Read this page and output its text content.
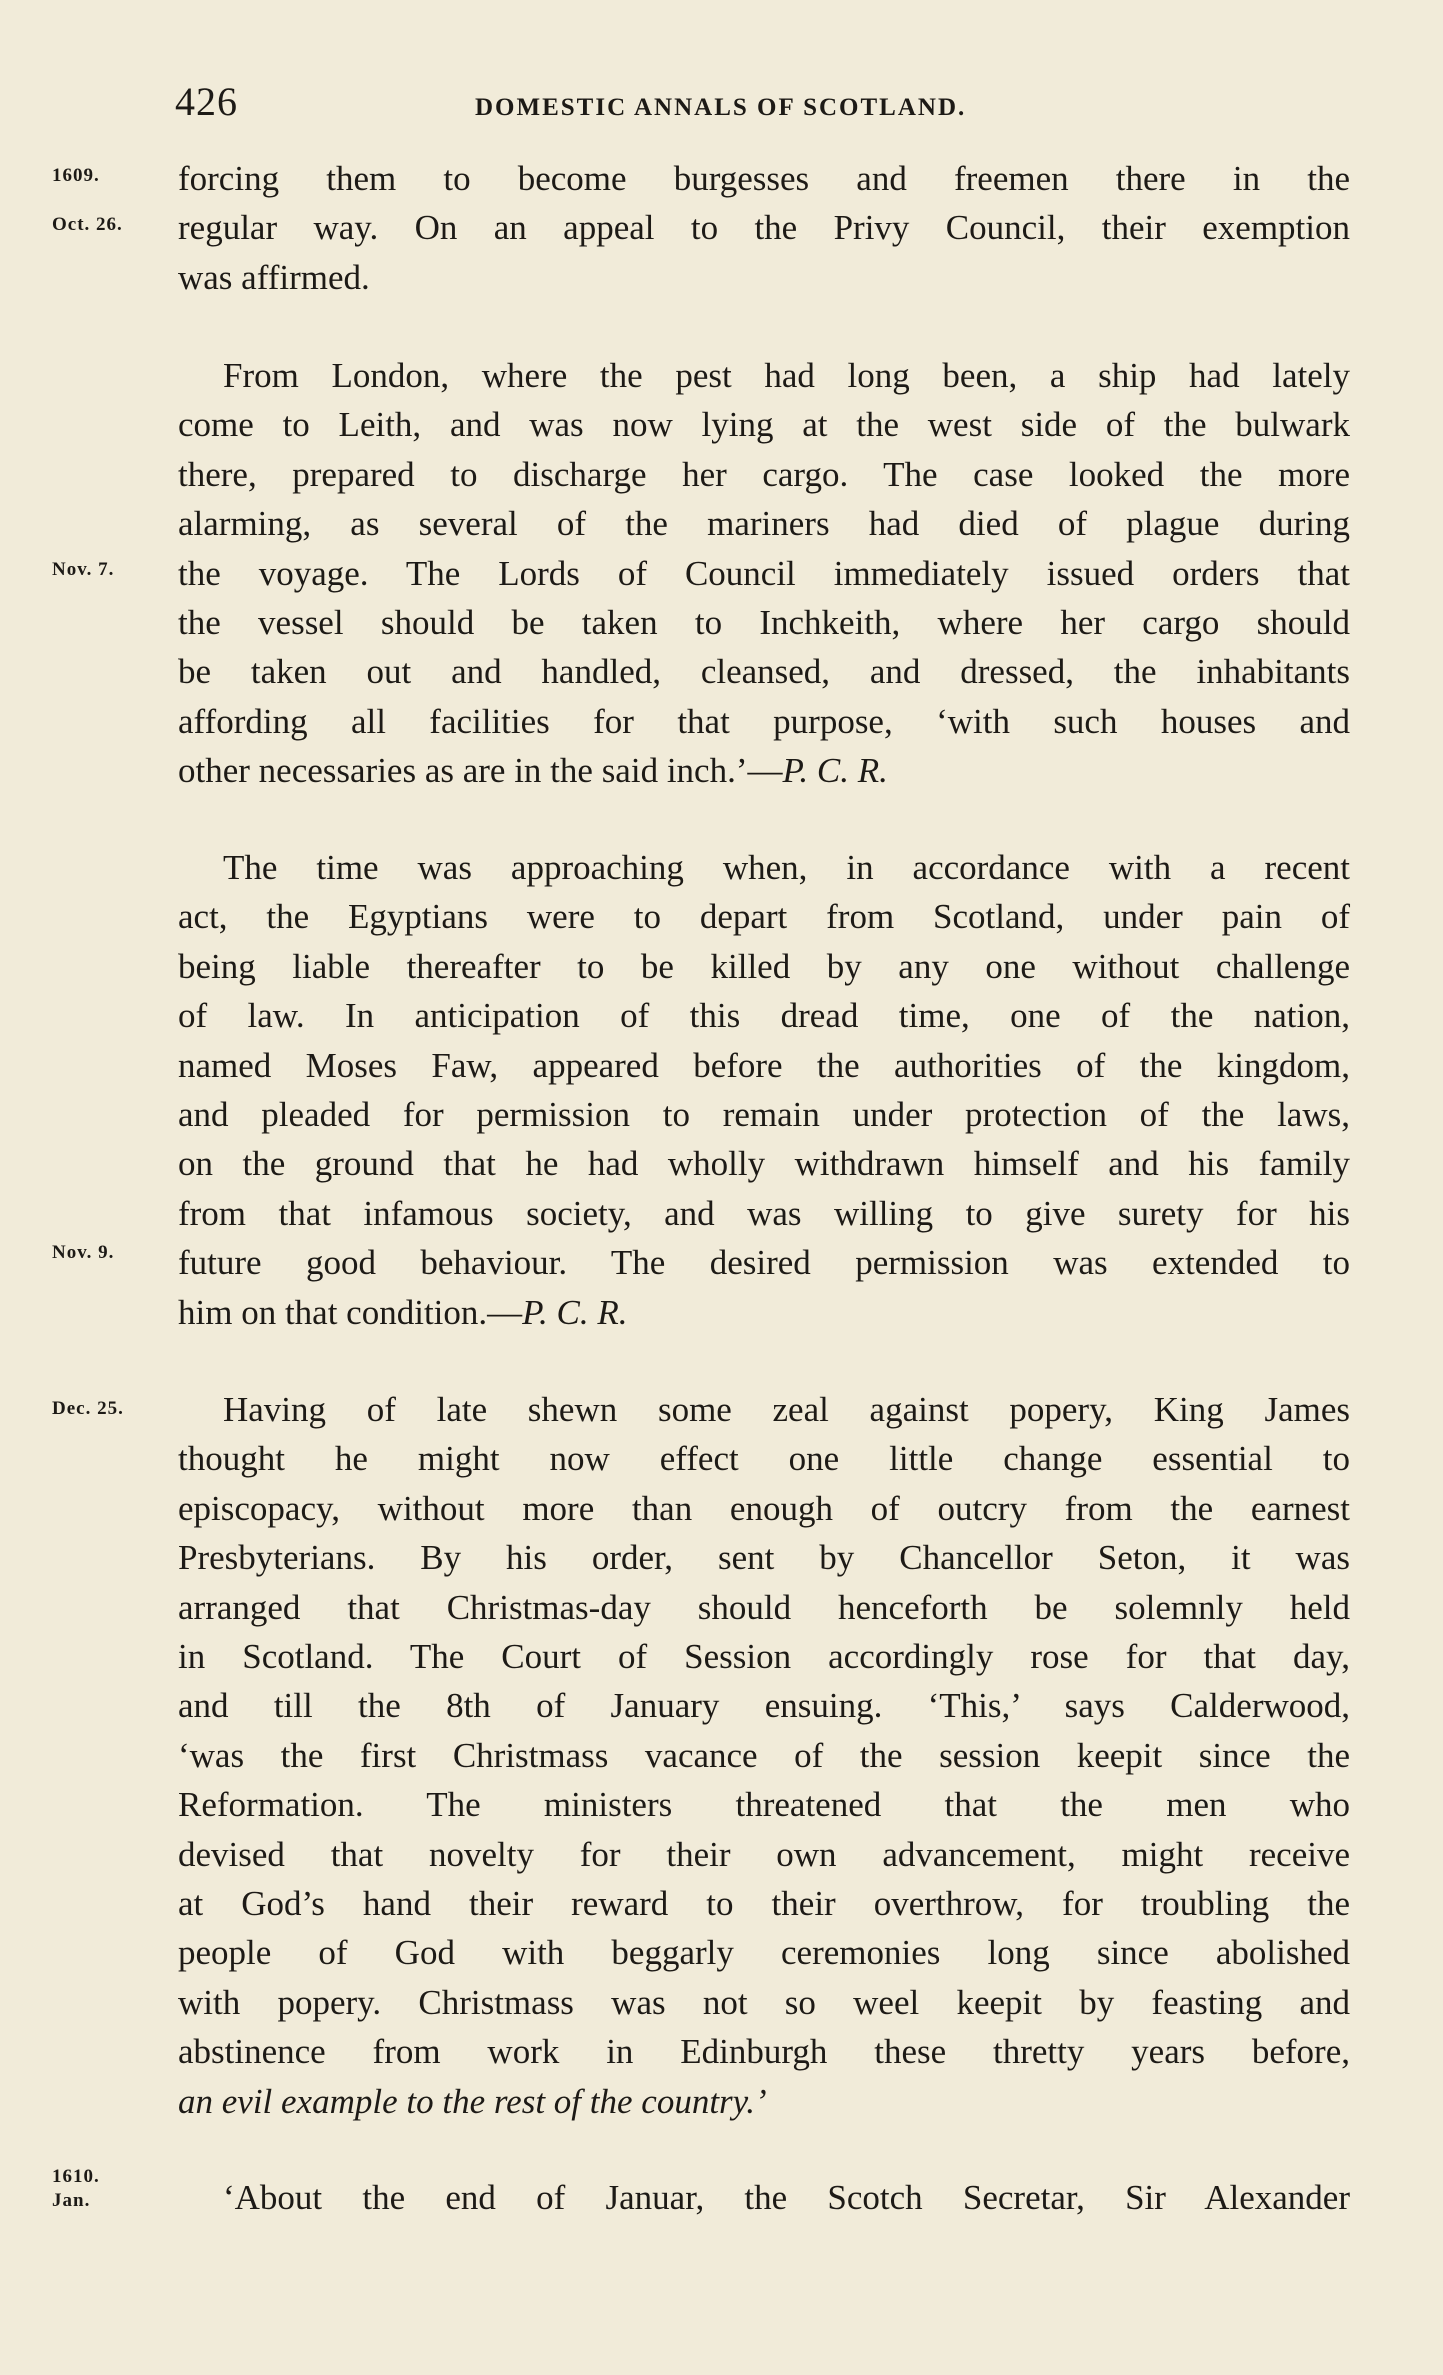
426	DOMESTIC ANNALS OF SCOTLAND.
1609.
Oct. 26.
Nov. 7.
Nov. 9.
Dec. 25.
1610.
Jan.

forcing them to become burgesses and freemen there in the
regular way. On an appeal to the Privy Council, their exemption
was affirmed.

From London, where the pest had long been, a ship had lately
come to Leith, and was now lying at the west side of the bulwark
there, prepared to discharge her cargo. The case looked the more
alarming, as several of the mariners had died of plague during
the voyage. The Lords of Council immediately issued orders that
the vessel should be taken to Inchkeith, where her cargo should
be taken out and handled, cleansed, and dressed, the inhabitants
affording all facilities for that purpose, ‘with such houses and
other necessaries as are in the said inch.’—P. C. R.

The time was approaching when, in accordance with a recent
act, the Egyptians were to depart from Scotland, under pain of
being liable thereafter to be killed by any one without challenge
of law. In anticipation of this dread time, one of the nation,
named Moses Faw, appeared before the authorities of the kingdom,
and pleaded for permission to remain under protection of the laws,
on the ground that he had wholly withdrawn himself and his family
from that infamous society, and was willing to give surety for his
future good behaviour. The desired permission was extended to
him on that condition.—P. C. R.

Having of late shewn some zeal against popery, King James
thought he might now effect one little change essential to
episcopacy, without more than enough of outcry from the earnest
Presbyterians. By his order, sent by Chancellor Seton, it was
arranged that Christmas-day should henceforth be solemnly held
in Scotland. The Court of Session accordingly rose for that day,
and till the 8th of January ensuing. ‘This,’ says Calderwood,
‘was the first Christmass vacance of the session keepit since the
Reformation. The ministers threatened that the men who
devised that novelty for their own advancement, might receive
at God’s hand their reward to their overthrow, for troubling the
people of God with beggarly ceremonies long since abolished
with popery. Christmass was not so weel keepit by feasting and
abstinence from work in Edinburgh these thretty years before,
an evil example to the rest of the country.’

‘About the end of Januar, the Scotch Secretar, Sir Alexander
